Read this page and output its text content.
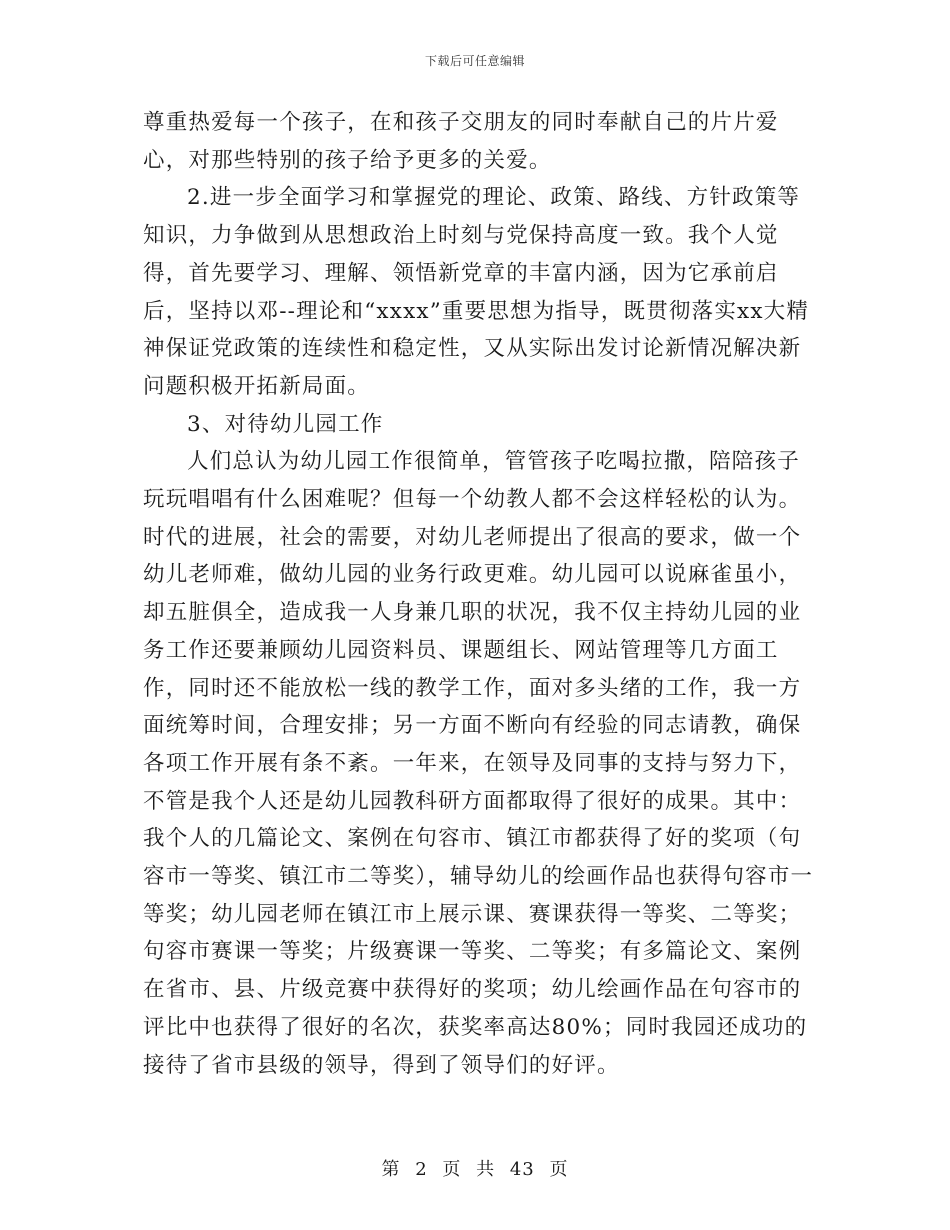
下载后可任意编辑

尊重热爱每一个孩子，在和孩子交朋友的同时奉献自己的片片爱心，对那些特别的孩子给予更多的关爱。

2.进一步全面学习和掌握党的理论、政策、路线、方针政策等知识，力争做到从思想政治上时刻与党保持高度一致。我个人觉得，首先要学习、理解、领悟新党章的丰富内涵，因为它承前启后，坚持以邓--理论和“xxxx”重要思想为指导，既贯彻落实xx大精神保证党政策的连续性和稳定性，又从实际出发讨论新情况解决新问题积极开拓新局面。

3、对待幼儿园工作

人们总认为幼儿园工作很简单，管管孩子吃喝拉撒，陪陪孩子玩玩唱唱有什么困难呢？但每一个幼教人都不会这样轻松的认为。时代的进展，社会的需要，对幼儿老师提出了很高的要求，做一个幼儿老师难，做幼儿园的业务行政更难。幼儿园可以说麻雀虽小，却五脏俱全，造成我一人身兼几职的状况，我不仅主持幼儿园的业务工作还要兼顾幼儿园资料员、课题组长、网站管理等几方面工作，同时还不能放松一线的教学工作，面对多头绪的工作，我一方面统筹时间，合理安排；另一方面不断向有经验的同志请教，确保各项工作开展有条不紊。一年来，在领导及同事的支持与努力下，不管是我个人还是幼儿园教科研方面都取得了很好的成果。其中：我个人的几篇论文、案例在句容市、镇江市都获得了好的奖项（句容市一等奖、镇江市二等奖），辅导幼儿的绘画作品也获得句容市一等奖；幼儿园老师在镇江市上展示课、赛课获得一等奖、二等奖；句容市赛课一等奖；片级赛课一等奖、二等奖；有多篇论文、案例在省市、县、片级竞赛中获得好的奖项；幼儿绘画作品在句容市的评比中也获得了很好的名次，获奖率高达80%；同时我园还成功的接待了省市县级的领导，得到了领导们的好评。

第 2 页 共 43 页
